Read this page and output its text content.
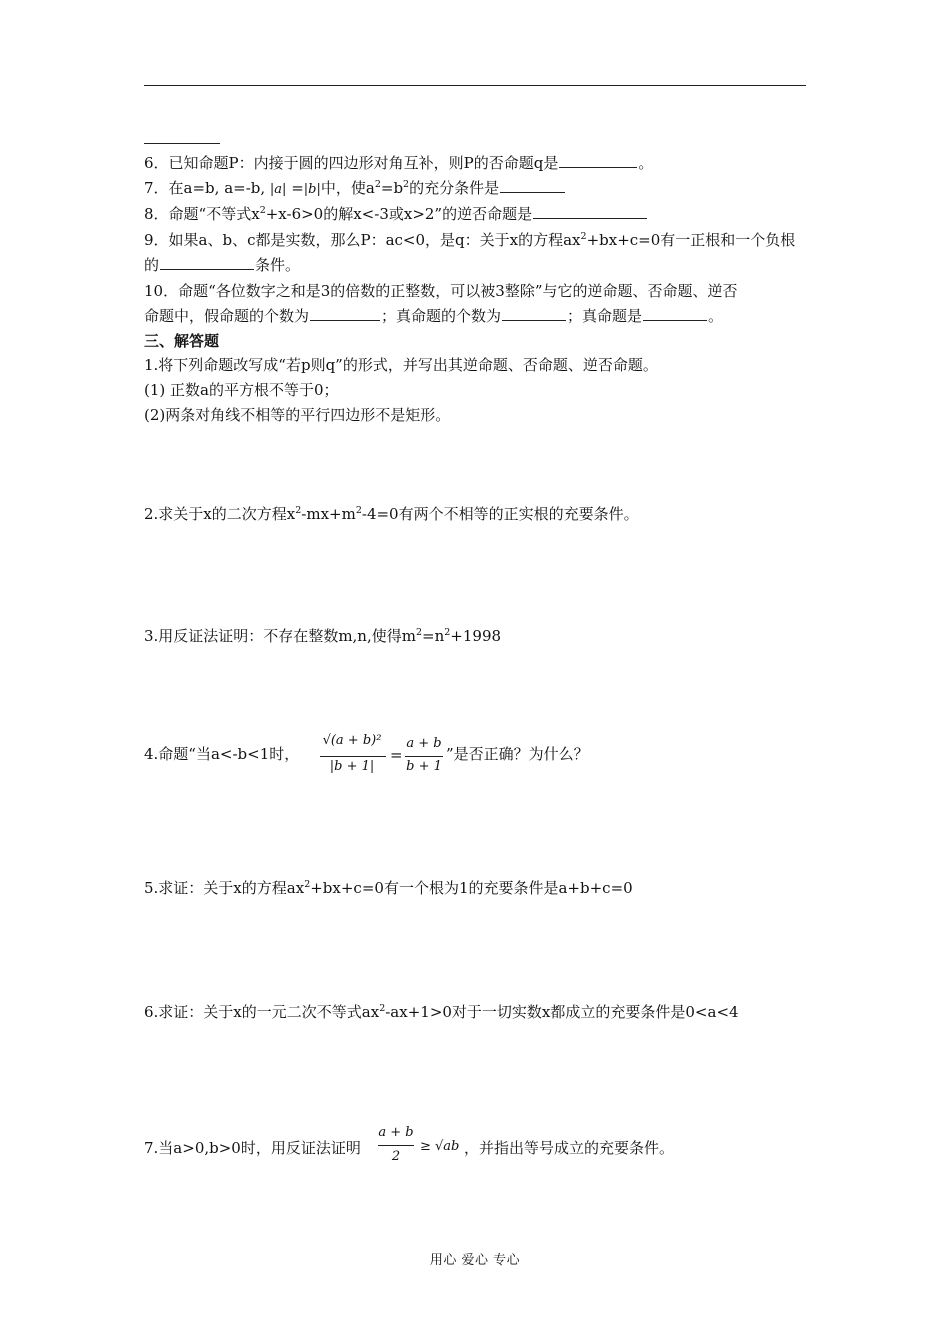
6．已知命题P：内接于圆的四边形对角互补，则P的否命题q是	。
7．在a=b, a=-b, |a| =|b|中，使$a^2=b^2$的充分条件是
8．命题“不等式$x^2+x-6>0$的解x<-3或x>2”的逆否命题是
9．如果a、b、c都是实数，那么P：ac<0，是q：关于x的方程$ax^2+bx+c=0$有一正根和一个负根
的	条件。
10．命题“各位数字之和是3的倍数的正整数，可以被3整除”与它的逆命题、否命题、逆否
命题中，假命题的个数为	；真命题的个数为	；真命题是	。
三、解答题
1.将下列命题改写成“若p则q”的形式，并写出其逆命题、否命题、逆否命题。
(1) 正数a的平方根不等于0；
(2)两条对角线不相等的平行四边形不是矩形。
2.求关于x的二次方程$x^2-mx+m^2-4=0$有两个不相等的正实根的充要条件。
3.用反证法证明：不存在整数m,n,使得$m^2=n^2+1998$
4.命题“当a<-b<1时，
√(a + b)²
|b + 1|
=
a + b
b + 1
”是否正确？为什么？
5.求证：关于x的方程$ax^2+bx+c=0$有一个根为1的充要条件是a+b+c=0
6.求证：关于x的一元二次不等式$ax^2-ax+1>0$对于一切实数x都成立的充要条件是0<a<4
7.当a>0,b>0时，用反证法证明
a + b
2
≥ √ab ，并指出等号成立的充要条件。
用心 爱心 专心
